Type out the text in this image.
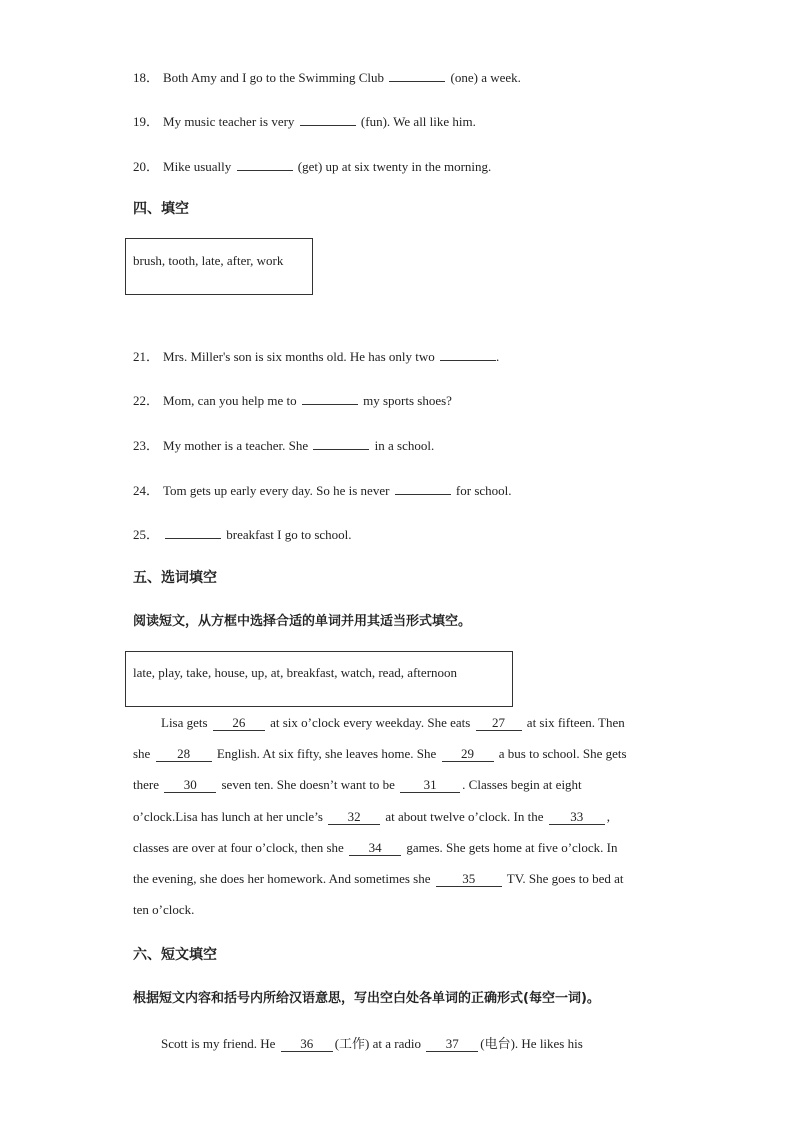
18． Both Amy and I go to the Swimming Club	(one) a week.
19． My music teacher is very	(fun). We all like him.
20． Mike usually	(get) up at six twenty in the morning.
四、填空
brush, tooth, late, after, work
21． Mrs. Miller's son is six months old. He has only two	.
22． Mom, can you help me to	my sports shoes?
23． My mother is a teacher. She	in a school.
24． Tom gets up early every day. So he is never	for school.
25．	breakfast I go to school.
五、选词填空
阅读短文，从方框中选择合适的单词并用其适当形式填空。
late, play, take, house, up, at, breakfast, watch, read, afternoon
Lisa gets 26 at six o’clock every weekday. She eats 27 at six fifteen. Then
she 28 English. At six fifty, she leaves home. She 29 a bus to school. She gets
there 30 seven ten. She doesn’t want to be 31 . Classes begin at eight
o’clock.Lisa has lunch at her uncle’s 32 at about twelve o’clock. In the 33 ,
classes are over at four o’clock, then she 34 games. She gets home at five o’clock. In
the evening, she does her homework. And sometimes she 35 TV. She goes to bed at
ten o’clock.
六、短文填空
根据短文内容和括号内所给汉语意思，写出空白处各单词的正确形式(每空一词)。
Scott is my friend. He 36 (工作) at a radio 37 (电台). He likes his
